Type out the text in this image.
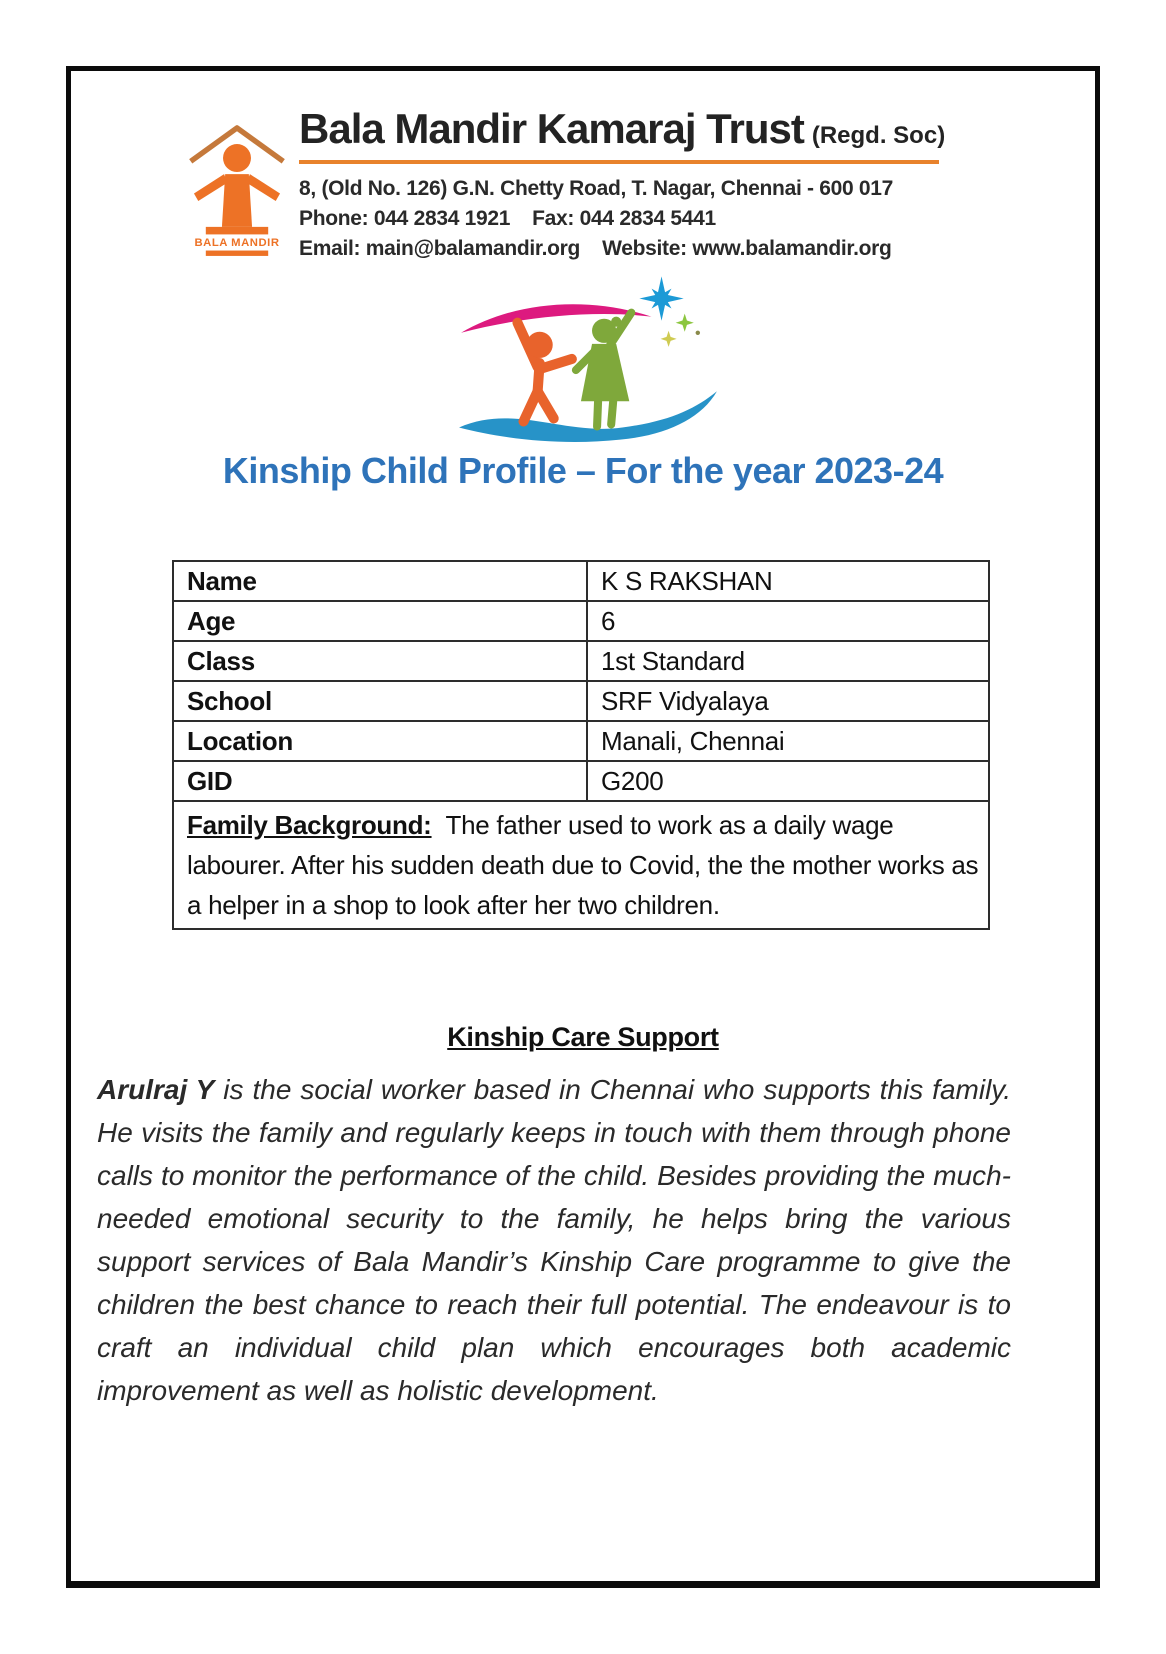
BALA MANDIR
Bala Mandir Kamaraj Trust (Regd. Soc)
8, (Old No. 126) G.N. Chetty Road, T. Nagar, Chennai - 600 017
Phone: 044 2834 1921 Fax: 044 2834 5441
Email: main@balamandir.org Website: www.balamandir.org
Kinship Child Profile – For the year 2023-24
Name	K S RAKSHAN
Age	6
Class	1st Standard
School	SRF Vidyalaya
Location	Manali, Chennai
GID	G200
Family Background: The father used to work as a daily wage labourer. After his sudden death due to Covid, the the mother works as a helper in a shop to look after her two children.	
Kinship Care Support

Arulraj Y is the social worker based in Chennai who supports this family. He visits the family and regularly keeps in touch with them through phone calls to monitor the performance of the child. Besides providing the much-needed emotional security to the family, he helps bring the various support services of Bala Mandir’s Kinship Care programme to give the children the best chance to reach their full potential. The endeavour is to craft an individual child plan which encourages both academic improvement as well as holistic development.
